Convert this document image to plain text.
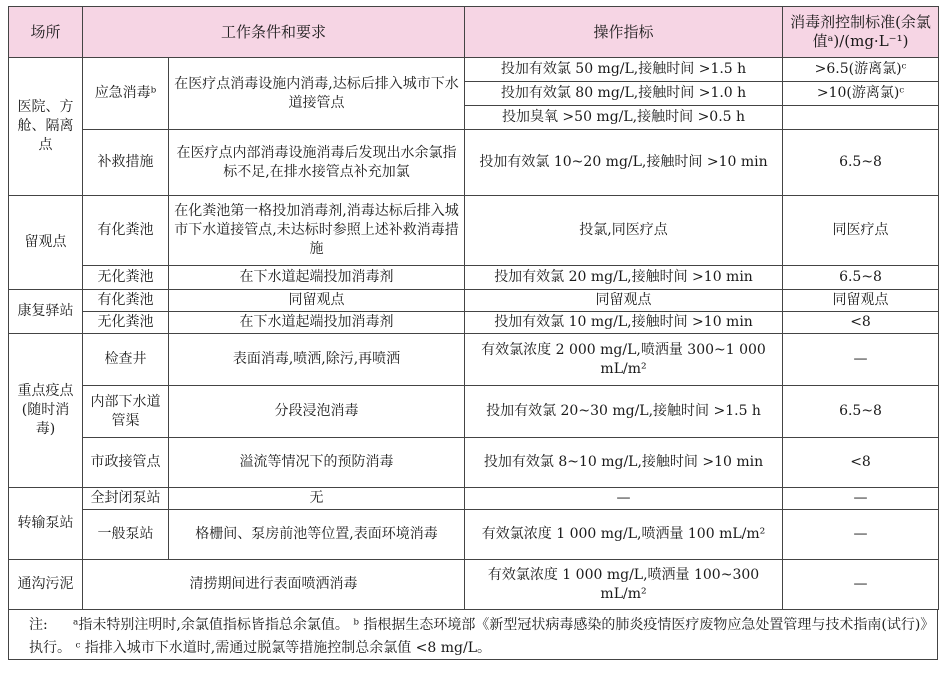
场所	工作条件和要求		操作指标	消毒剂控制标准(余氯值ᵃ)/(mg·L⁻¹)
医院、方舱、隔离点	应急消毒ᵇ	在医疗点消毒设施内消毒,达标后排入城市下水道接管点	投加有效氯 50 mg/L,接触时间 >1.5 h	>6.5(游离氯)ᶜ
			投加有效氯 80 mg/L,接触时间 >1.0 h	>10(游离氯)ᶜ
			投加臭氧 >50 mg/L,接触时间 >0.5 h	
	补救措施	在医疗点内部消毒设施消毒后发现出水余氯指标不足,在排水接管点补充加氯	投加有效氯 10~20 mg/L,接触时间 >10 min	6.5~8
留观点	有化粪池	在化粪池第一格投加消毒剂,消毒达标后排入城市下水道接管点,未达标时参照上述补救消毒措施	投氯,同医疗点	同医疗点
	无化粪池	在下水道起端投加消毒剂	投加有效氯 20 mg/L,接触时间 >10 min	6.5~8
康复驿站	有化粪池	同留观点	同留观点	同留观点
	无化粪池	在下水道起端投加消毒剂	投加有效氯 10 mg/L,接触时间 >10 min	<8
重点疫点(随时消毒)	检查井	表面消毒,喷洒,除污,再喷洒	有效氯浓度 2 000 mg/L,喷洒量 300~1 000 mL/m²	—
	内部下水道管渠	分段浸泡消毒	投加有效氯 20~30 mg/L,接触时间 >1.5 h	6.5~8
	市政接管点	溢流等情况下的预防消毒	投加有效氯 8~10 mg/L,接触时间 >10 min	<8
转输泵站	全封闭泵站	无	—	—
	一般泵站	格栅间、泵房前池等位置,表面环境消毒	有效氯浓度 1 000 mg/L,喷洒量 100 mL/m²	—
通沟污泥	清捞期间进行表面喷洒消毒		有效氯浓度 1 000 mg/L,喷洒量 100~300 mL/m²	—
注: ᵃ指未特别注明时,余氯值指标皆指总余氯值。 ᵇ 指根据生态环境部《新型冠状病毒感染的肺炎疫情医疗废物应急处置管理与技术指南(试行)》执行。 ᶜ 指排入城市下水道时,需通过脱氯等措施控制总余氯值 <8 mg/L。
